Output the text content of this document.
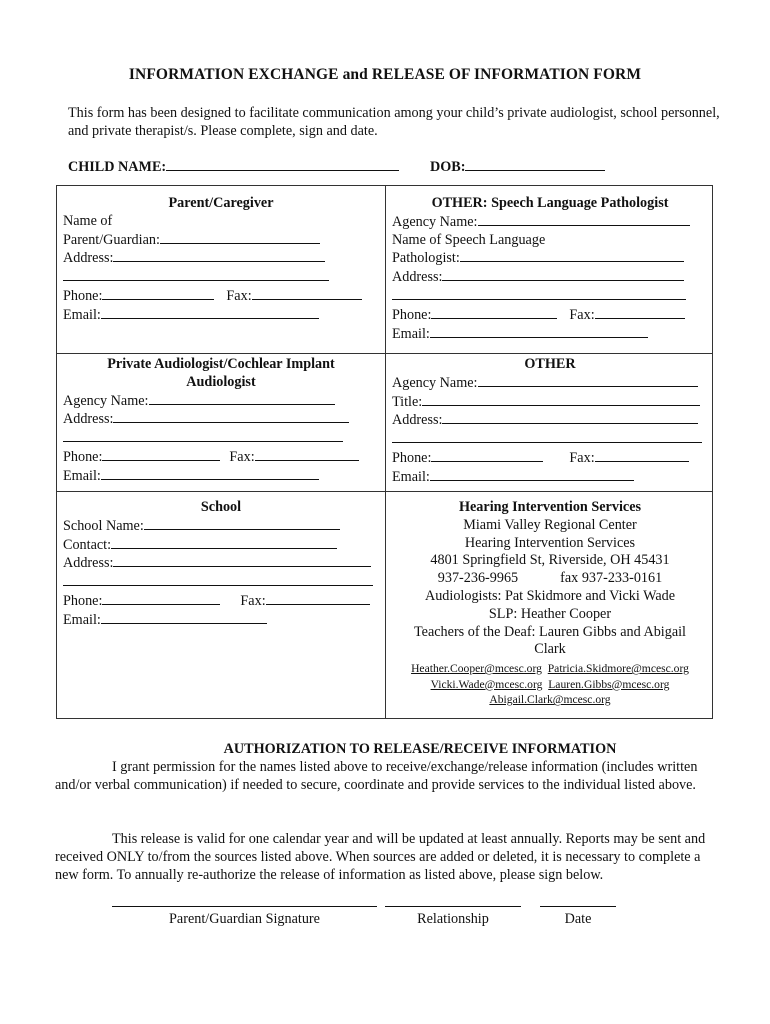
INFORMATION EXCHANGE and RELEASE OF INFORMATION FORM
This form has been designed to facilitate communication among your child’s private audiologist, school personnel, and private therapist/s. Please complete, sign and date.
CHILD NAME:	DOB:
Parent/Caregiver
Name of
Parent/Guardian:
Address:
Phone:	Fax:
Email:
OTHER: Speech Language Pathologist
Agency Name:
Name of Speech Language
Pathologist:
Address:
Phone:	Fax:
Email:
Private Audiologist/Cochlear Implant
Audiologist
Agency Name:
Address:
Phone:	Fax:
Email:
OTHER
Agency Name:
Title:
Address:
Phone:	Fax:
Email:
School
School Name:
Contact:
Address:
Phone:	Fax:
Email:
Hearing Intervention Services
Miami Valley Regional Center
Hearing Intervention Services
4801 Springfield St, Riverside, OH 45431
937-236-9965	fax 937-233-0161
Audiologists: Pat Skidmore and Vicki Wade
SLP: Heather Cooper
Teachers of the Deaf: Lauren Gibbs and Abigail
Clark
Heather.Cooper@mcesc.org Patricia.Skidmore@mcesc.org
Vicki.Wade@mcesc.org Lauren.Gibbs@mcesc.org
Abigail.Clark@mcesc.org
AUTHORIZATION TO RELEASE/RECEIVE INFORMATION
I grant permission for the names listed above to receive/exchange/release information (includes written and/or verbal communication) if needed to secure, coordinate and provide services to the individual listed above.
This release is valid for one calendar year and will be updated at least annually. Reports may be sent and received ONLY to/from the sources listed above. When sources are added or deleted, it is necessary to complete a new form. To annually re-authorize the release of information as listed above, please sign below.
Parent/Guardian Signature	Relationship	Date
